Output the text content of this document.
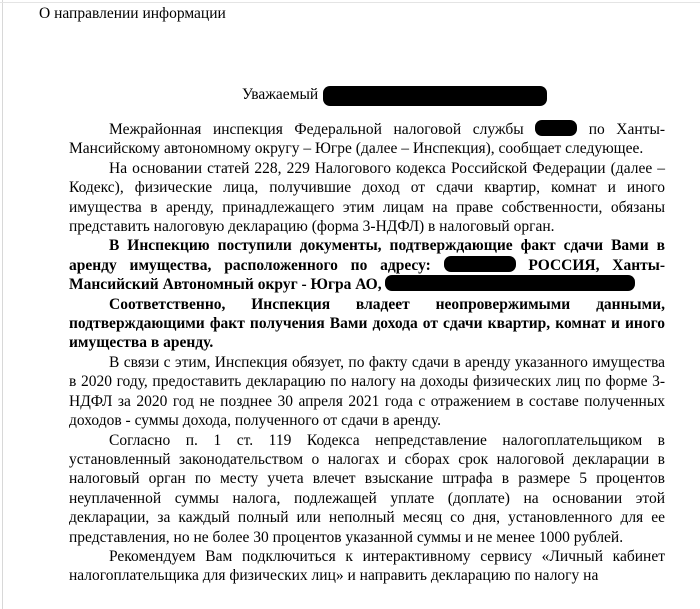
О направлении информации
Уважаемый

Межрайонная инспекция Федеральной налоговой службы	по Ханты-Мансийскому автономному округу – Югре (далее – Инспекция), сообщает следующее.

На основании статей 228, 229 Налогового кодекса Российской Федерации (далее – Кодекс), физические лица, получившие доход от сдачи квартир, комнат и иного имущества в аренду, принадлежащего этим лицам на праве собственности, обязаны представить налоговую декларацию (форма 3-НДФЛ) в налоговый орган.

В Инспекцию поступили документы, подтверждающие факт сдачи Вами в аренду имущества, расположенного по адресу:	РОССИЯ, Ханты-Мансийский Автономный округ - Югра АО,

Соответственно, Инспекция владеет неопровержимыми данными, подтверждающими факт получения Вами дохода от сдачи квартир, комнат и иного имущества в аренду.

В связи с этим, Инспекция обязует, по факту сдачи в аренду указанного имущества в 2020 году, предоставить декларацию по налогу на доходы физических лиц по форме 3-НДФЛ за 2020 год не позднее 30 апреля 2021 года с отражением в составе полученных доходов - суммы дохода, полученного от сдачи в аренду.

Согласно п. 1 ст. 119 Кодекса непредставление налогоплательщиком в установленный законодательством о налогах и сборах срок налоговой декларации в налоговый орган по месту учета влечет взыскание штрафа в размере 5 процентов неуплаченной суммы налога, подлежащей уплате (доплате) на основании этой декларации, за каждый полный или неполный месяц со дня, установленного для ее представления, но не более 30 процентов указанной суммы и не менее 1000 рублей.

Рекомендуем Вам подключиться к интерактивному сервису «Личный кабинет налогоплательщика для физических лиц» и направить декларацию по налогу на
